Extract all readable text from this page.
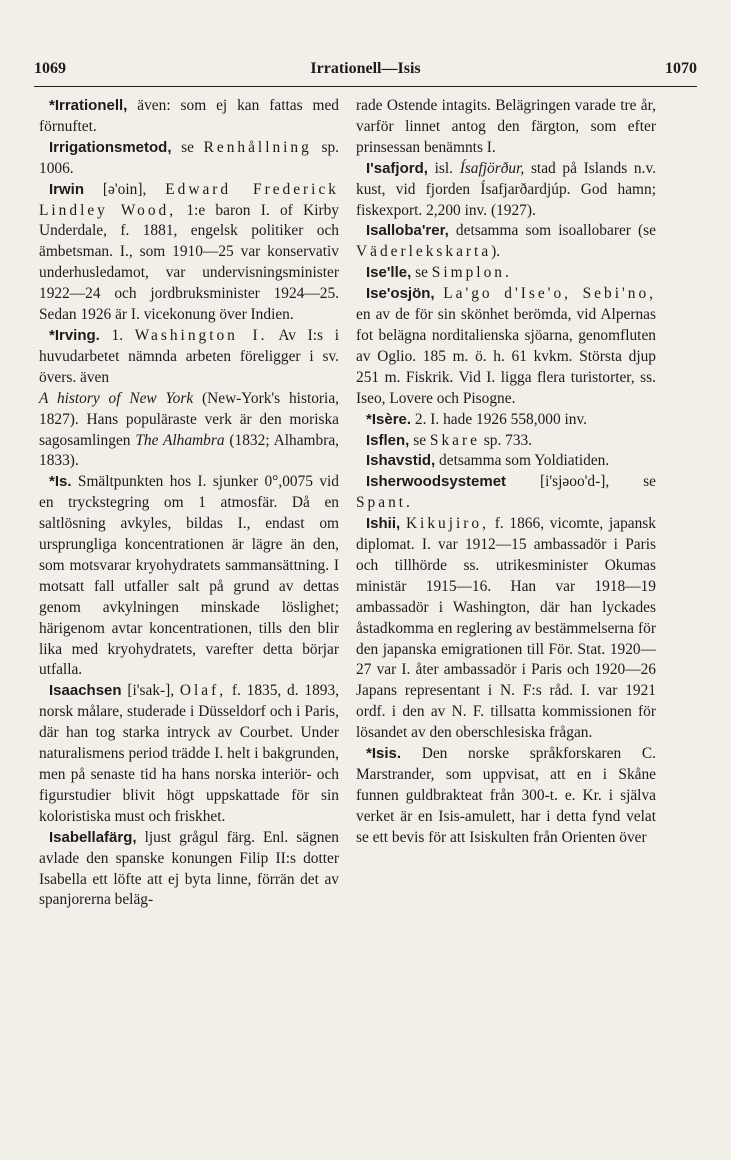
1069	Irrationell—Isis	1070

*Irrationell, även: som ej kan fattas med förnuftet.

Irrigationsmetod, se Renhållning sp. 1006.

Irwin [ə'oin], Edward Frederick Lindley Wood, 1:e baron I. of Kirby Underdale, f. 1881, engelsk politiker och ämbetsman. I., som 1910—25 var konservativ underhusledamot, var undervisningsminister 1922—24 och jordbruksminister 1924—25. Sedan 1926 är I. vicekonung över Indien.

*Irving. 1. Washington I. Av I:s i huvudarbetet nämnda arbeten föreligger i sv. övers. även

A history of New York (New-York's historia, 1827). Hans populäraste verk är den moriska sagosamlingen The Alhambra (1832; Alhambra, 1833).

*Is. Smältpunkten hos I. sjunker 0°,0075 vid en tryckstegring om 1 atmosfär. Då en saltlösning avkyles, bildas I., endast om ursprungliga koncentrationen är lägre än den, som motsvarar kryohydratets sammansättning. I motsatt fall utfaller salt på grund av dettas genom avkylningen minskade löslighet; härigenom avtar koncentrationen, tills den blir lika med kryohydratets, varefter detta börjar utfalla.

Isaachsen [i'sak-], Olaf, f. 1835, d. 1893, norsk målare, studerade i Düsseldorf och i Paris, där han tog starka intryck av Courbet. Under naturalismens period trädde I. helt i bakgrunden, men på senaste tid ha hans norska interiör- och figurstudier blivit högt uppskattade för sin koloristiska must och friskhet.

Isabellafärg, ljust grågul färg. Enl. sägnen avlade den spanske konungen Filip II:s dotter Isabella ett löfte att ej byta linne, förrän det av spanjorerna beläg-

rade Ostende intagits. Belägringen varade tre år, varför linnet antog den färgton, som efter prinsessan benämnts I.

I'safjord, isl. Ísafjörður, stad på Islands n.v. kust, vid fjorden Ísafjarðardjúp. God hamn; fiskexport. 2,200 inv. (1927).

Isalloba'rer, detsamma som isoallobarer (se Väderlekskarta).

Ise'lle, se Simplon.

Ise'osjön, La'go d'Ise'o, Sebi'no, en av de för sin skönhet berömda, vid Alpernas fot belägna norditalienska sjöarna, genomfluten av Oglio. 185 m. ö. h. 61 kvkm. Största djup 251 m. Fiskrik. Vid I. ligga flera turistorter, ss. Iseo, Lovere och Pisogne.

*Isère. 2. I. hade 1926 558,000 inv.

Isflen, se Skare sp. 733.

Ishavstid, detsamma som Yoldiatiden.

Isherwoodsystemet [i'sjəoo'd-], se Spant.

Ishii, Kikujiro, f. 1866, vicomte, japansk diplomat. I. var 1912—15 ambassadör i Paris och tillhörde ss. utrikesminister Okumas ministär 1915—16. Han var 1918—19 ambassadör i Washington, där han lyckades åstadkomma en reglering av bestämmelserna för den japanska emigrationen till För. Stat. 1920—27 var I. åter ambassadör i Paris och 1920—26 Japans representant i N. F:s råd. I. var 1921 ordf. i den av N. F. tillsatta kommissionen för lösandet av den oberschlesiska frågan.

*Isis. Den norske språkforskaren C. Marstrander, som uppvisat, att en i Skåne funnen guldbrakteat från 300-t. e. Kr. i själva verket är en Isis-amulett, har i detta fynd velat se ett bevis för att Isiskulten från Orienten över
